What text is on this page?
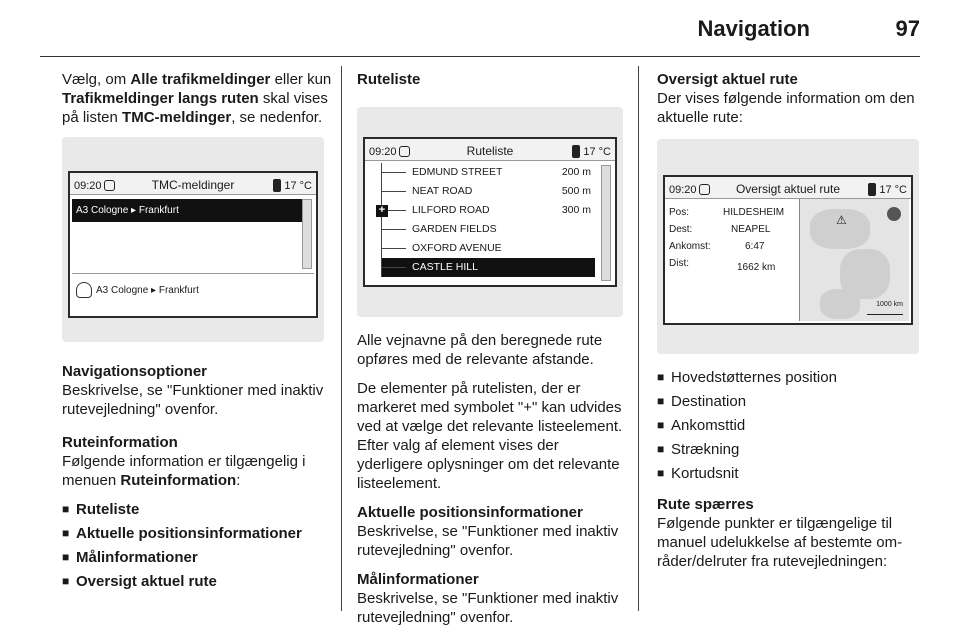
Navigation	97

Vælg, om Alle trafikmeldinger eller kun Trafikmeldinger langs ruten skal vises på listen TMC-meldinger, se nedenfor.

09:20	TMC-meldinger	17 °C
A3 Cologne ▸ Frankfurt
A3 Cologne ▸ Frankfurt

Navigationsoptioner
Beskrivelse, se "Funktioner med inaktiv rutevejledning" ovenfor.

Ruteinformation
Følgende information er tilgængelig i menuen Ruteinformation:

■ Ruteliste
■ Aktuelle positionsinformationer
■ Målinformationer
■ Oversigt aktuel rute
Ruteliste
09:20	Ruteliste	17 °C
EDMUND STREET	200 m
NEAT ROAD	500 m
+	LILFORD ROAD	300 m
GARDEN FIELDS
OXFORD AVENUE
CASTLE HILL

Alle vejnavne på den beregnede rute opføres med de relevante afstande.

De elementer på rutelisten, der er markeret med symbolet "+" kan udvides ved at vælge det relevante listeelement. Efter valg af element vises der yderligere oplysninger om det relevante listeelement.

Aktuelle positionsinformationer
Beskrivelse, se "Funktioner med inaktiv rutevejledning" ovenfor.

Målinformationer
Beskrivelse, se "Funktioner med inaktiv rutevejledning" ovenfor.

Oversigt aktuel rute
Der vises følgende information om den aktuelle rute:

09:20	Oversigt aktuel rute	17 °C
Pos:	HILDESHEIM
Dest:	NEAPEL
Ankomst:	6:47
Dist:	1662 km
⚠
1000 km
■ Hovedstøtternes position
■ Destination
■ Ankomsttid
■ Strækning
■ Kortudsnit

Rute spærres
Følgende punkter er tilgængelige til manuel udelukkelse af bestemte områder/delruter fra rutevejledningen:
